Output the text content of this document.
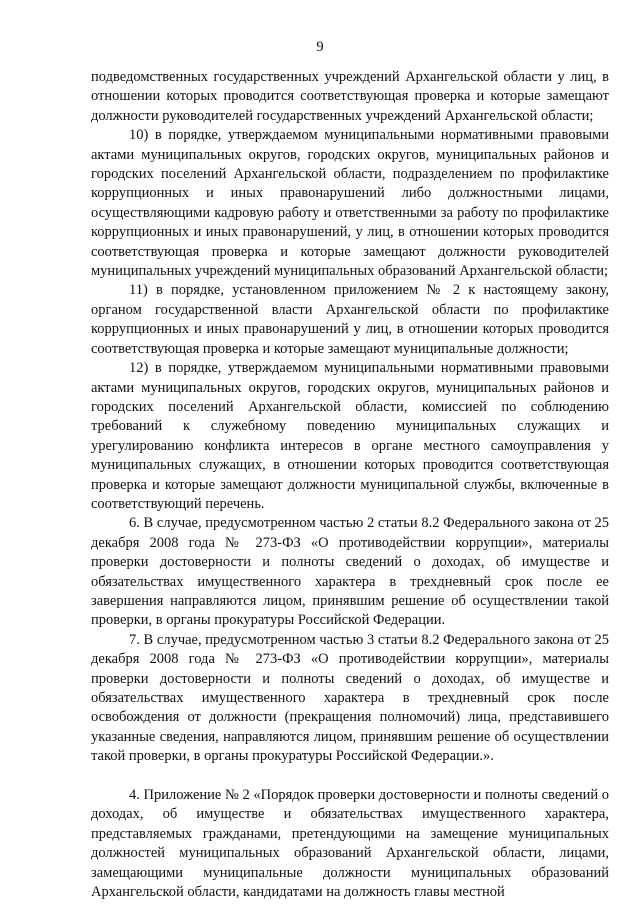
9

подведомственных государственных учреждений Архангельской области у лиц, в отношении которых проводится соответствующая проверка и которые замещают должности руководителей государственных учреждений Архангельской области;

10) в порядке, утверждаемом муниципальными нормативными правовыми актами муниципальных округов, городских округов, муниципальных районов и городских поселений Архангельской области, подразделением по профилактике коррупционных и иных правонарушений либо должностными лицами, осуществляющими кадровую работу и ответственными за работу по профилактике коррупционных и иных правонарушений, у лиц, в отношении которых проводится соответствующая проверка и которые замещают должности руководителей муниципальных учреждений муниципальных образований Архангельской области;

11) в порядке, установленном приложением № 2 к настоящему закону, органом государственной власти Архангельской области по профилактике коррупционных и иных правонарушений у лиц, в отношении которых проводится соответствующая проверка и которые замещают муниципальные должности;

12) в порядке, утверждаемом муниципальными нормативными правовыми актами муниципальных округов, городских округов, муниципальных районов и городских поселений Архангельской области, комиссией по соблюдению требований к служебному поведению муниципальных служащих и урегулированию конфликта интересов в органе местного самоуправления у муниципальных служащих, в отношении которых проводится соответствующая проверка и которые замещают должности муниципальной службы, включенные в соответствующий перечень.

6. В случае, предусмотренном частью 2 статьи 8.2 Федерального закона от 25 декабря 2008 года № 273-ФЗ «О противодействии коррупции», материалы проверки достоверности и полноты сведений о доходах, об имуществе и обязательствах имущественного характера в трехдневный срок после ее завершения направляются лицом, принявшим решение об осуществлении такой проверки, в органы прокуратуры Российской Федерации.

7. В случае, предусмотренном частью 3 статьи 8.2 Федерального закона от 25 декабря 2008 года № 273-ФЗ «О противодействии коррупции», материалы проверки достоверности и полноты сведений о доходах, об имуществе и обязательствах имущественного характера в трехдневный срок после освобождения от должности (прекращения полномочий) лица, представившего указанные сведения, направляются лицом, принявшим решение об осуществлении такой проверки, в органы прокуратуры Российской Федерации.».

4. Приложение № 2 «Порядок проверки достоверности и полноты сведений о доходах, об имуществе и обязательствах имущественного характера, представляемых гражданами, претендующими на замещение муниципальных должностей муниципальных образований Архангельской области, лицами, замещающими муниципальные должности муниципальных образований Архангельской области, кандидатами на должность главы местной
